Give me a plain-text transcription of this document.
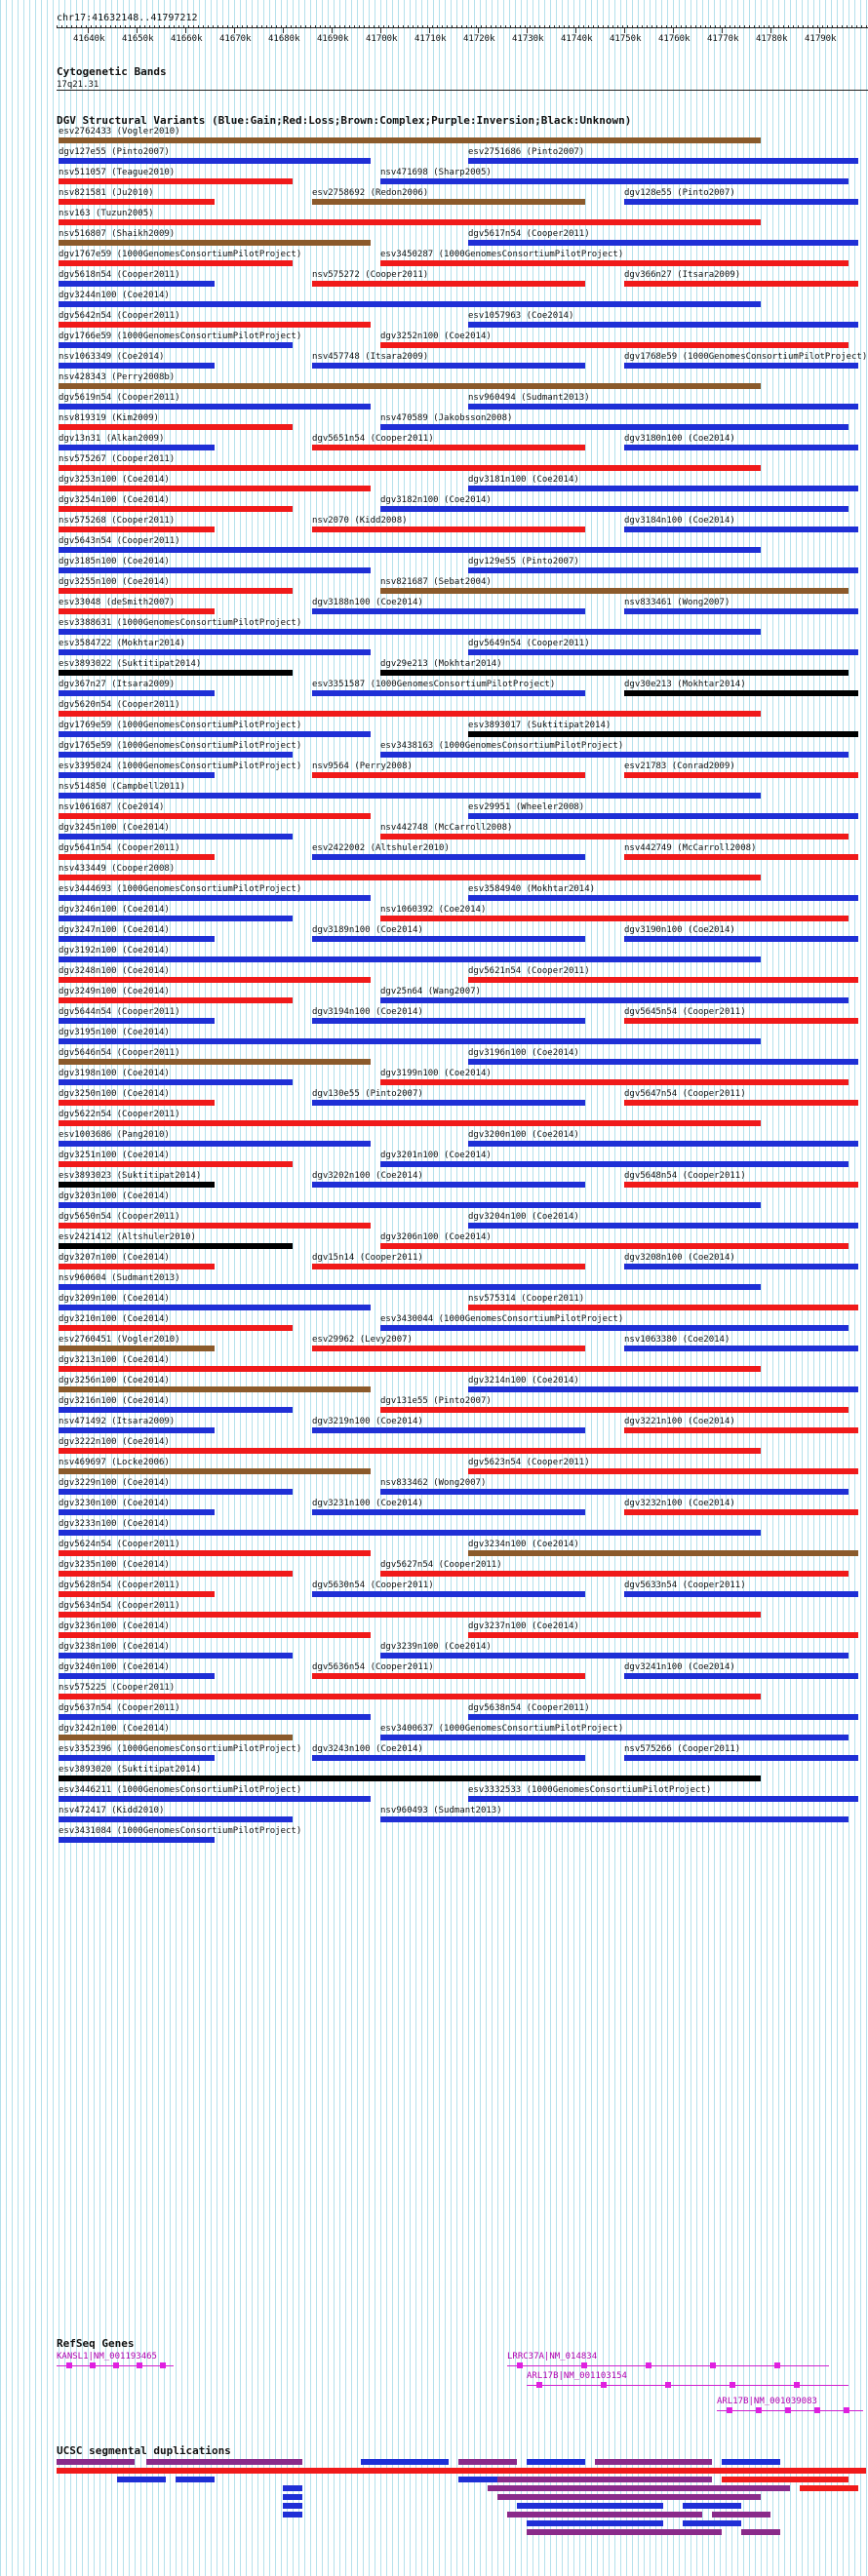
chr17:41632148..41797212
41640k 41650k 41660k 41670k 41680k 41690k 41700k 41710k 41720k 41730k 41740k 41750k 41760k 41770k 41780k 41790k
Cytogenetic Bands
17q21.31
DGV Structural Variants (Blue:Gain;Red:Loss;Brown:Complex;Purple:Inversion;Black:Unknown)
esv2762433 (Vogler2010)
dgv127e55 (Pinto2007)	esv2751686 (Pinto2007)
nsv511057 (Teague2010)	nsv471698 (Sharp2005)
nsv821581 (Ju2010)	esv2758692 (Redon2006)	dgv128e55 (Pinto2007)
nsv163 (Tuzun2005)
nsv516807 (Shaikh2009)	dgv5617n54 (Cooper2011)
dgv1767e59 (1000GenomesConsortiumPilotProject)	esv3450287 (1000GenomesConsortiumPilotProject)
dgv5618n54 (Cooper2011)	nsv575272 (Cooper2011)	dgv366n27 (Itsara2009)
dgv3244n100 (Coe2014)
dgv5642n54 (Cooper2011)	esv1057963 (Coe2014)
dgv1766e59 (1000GenomesConsortiumPilotProject)	dgv3252n100 (Coe2014)
nsv1063349 (Coe2014)	nsv457748 (Itsara2009)	dgv1768e59 (1000GenomesConsortiumPilotProject)
nsv428343 (Perry2008b)
dgv5619n54 (Cooper2011)	nsv960494 (Sudmant2013)
nsv819319 (Kim2009)	nsv470589 (Jakobsson2008)
dgv13n31 (Alkan2009)	dgv5651n54 (Cooper2011)	dgv3180n100 (Coe2014)
nsv575267 (Cooper2011)
dgv3253n100 (Coe2014)	dgv3181n100 (Coe2014)
dgv3254n100 (Coe2014)	dgv3182n100 (Coe2014)
nsv575268 (Cooper2011)	nsv2070 (Kidd2008)	dgv3184n100 (Coe2014)
dgv5643n54 (Cooper2011)
dgv3185n100 (Coe2014)	dgv129e55 (Pinto2007)
dgv3255n100 (Coe2014)	nsv821687 (Sebat2004)
esv33048 (deSmith2007)	dgv3188n100 (Coe2014)	nsv833461 (Wong2007)
esv3388631 (1000GenomesConsortiumPilotProject)
esv3584722 (Mokhtar2014)	dgv5649n54 (Cooper2011)
esv3893022 (Suktitipat2014)	dgv29e213 (Mokhtar2014)
dgv367n27 (Itsara2009)	esv3351587 (1000GenomesConsortiumPilotProject)	dgv30e213 (Mokhtar2014)
dgv5620n54 (Cooper2011)
dgv1769e59 (1000GenomesConsortiumPilotProject)	esv3893017 (Suktitipat2014)
dgv1765e59 (1000GenomesConsortiumPilotProject)	esv3438163 (1000GenomesConsortiumPilotProject)
esv3395024 (1000GenomesConsortiumPilotProject) nsv9564 (Perry2008)	esv21783 (Conrad2009)
nsv514850 (Campbell2011)
nsv1061687 (Coe2014)	esv29951 (Wheeler2008)
dgv3245n100 (Coe2014)	nsv442748 (McCarroll2008)
dgv5641n54 (Cooper2011)	esv2422002 (Altshuler2010)	nsv442749 (McCarroll2008)
nsv433449 (Cooper2008)
esv3444693 (1000GenomesConsortiumPilotProject)	esv3584940 (Mokhtar2014)
dgv3246n100 (Coe2014)	nsv1060392 (Coe2014)
dgv3247n100 (Coe2014)	dgv3189n100 (Coe2014)	dgv3190n100 (Coe2014)
dgv3192n100 (Coe2014)
dgv3248n100 (Coe2014)	dgv5621n54 (Cooper2011)
dgv3249n100 (Coe2014)	dgv25n64 (Wang2007)
dgv5644n54 (Cooper2011)	dgv3194n100 (Coe2014)	dgv5645n54 (Cooper2011)
dgv3195n100 (Coe2014)
dgv5646n54 (Cooper2011)	dgv3196n100 (Coe2014)
dgv3198n100 (Coe2014)	dgv3199n100 (Coe2014)
dgv3250n100 (Coe2014)	dgv130e55 (Pinto2007)	dgv5647n54 (Cooper2011)
dgv5622n54 (Cooper2011)
esv1003686 (Pang2010)	dgv3200n100 (Coe2014)
dgv3251n100 (Coe2014)	dgv3201n100 (Coe2014)
esv3893023 (Suktitipat2014)	dgv3202n100 (Coe2014)	dgv5648n54 (Cooper2011)
dgv3203n100 (Coe2014)
dgv5650n54 (Cooper2011)	dgv3204n100 (Coe2014)
esv2421412 (Altshuler2010)	dgv3206n100 (Coe2014)
dgv3207n100 (Coe2014)	dgv15n14 (Cooper2011)	dgv3208n100 (Coe2014)
nsv960604 (Sudmant2013)
dgv3209n100 (Coe2014)	nsv575314 (Cooper2011)
dgv3210n100 (Coe2014)	esv3430044 (1000GenomesConsortiumPilotProject)
esv2760451 (Vogler2010)	esv29962 (Levy2007)	nsv1063380 (Coe2014)
dgv3213n100 (Coe2014)
dgv3256n100 (Coe2014)	dgv3214n100 (Coe2014)
dgv3216n100 (Coe2014)	dgv131e55 (Pinto2007)
nsv471492 (Itsara2009)	dgv3219n100 (Coe2014)	dgv3221n100 (Coe2014)
dgv3222n100 (Coe2014)
nsv469697 (Locke2006)	dgv5623n54 (Cooper2011)
dgv3229n100 (Coe2014)	nsv833462 (Wong2007)
dgv3230n100 (Coe2014)	dgv3231n100 (Coe2014)	dgv3232n100 (Coe2014)
dgv3233n100 (Coe2014)
dgv5624n54 (Cooper2011)	dgv3234n100 (Coe2014)
dgv3235n100 (Coe2014)	dgv5627n54 (Cooper2011)
dgv5628n54 (Cooper2011)	dgv5630n54 (Cooper2011)	dgv5633n54 (Cooper2011)
dgv5634n54 (Cooper2011)
dgv3236n100 (Coe2014)	dgv3237n100 (Coe2014)
dgv3238n100 (Coe2014)	dgv3239n100 (Coe2014)
dgv3240n100 (Coe2014)	dgv5636n54 (Cooper2011)	dgv3241n100 (Coe2014)
nsv575225 (Cooper2011)
dgv5637n54 (Cooper2011)	dgv5638n54 (Cooper2011)
dgv3242n100 (Coe2014)	esv3400637 (1000GenomesConsortiumPilotProject)
esv3352396 (1000GenomesConsortiumPilotProject) dgv3243n100 (Coe2014)	nsv575266 (Cooper2011)
esv3893020 (Suktitipat2014)
esv3446211 (1000GenomesConsortiumPilotProject)	esv3332533 (1000GenomesConsortiumPilotProject)
nsv472417 (Kidd2010)	nsv960493 (Sudmant2013)
esv3431084 (1000GenomesConsortiumPilotProject)
RefSeq Genes
KANSL1|NM_001193465	LRRC37A|NM_014834
ARL17B|NM_001103154
ARL17B|NM_001039083
UCSC segmental duplications
